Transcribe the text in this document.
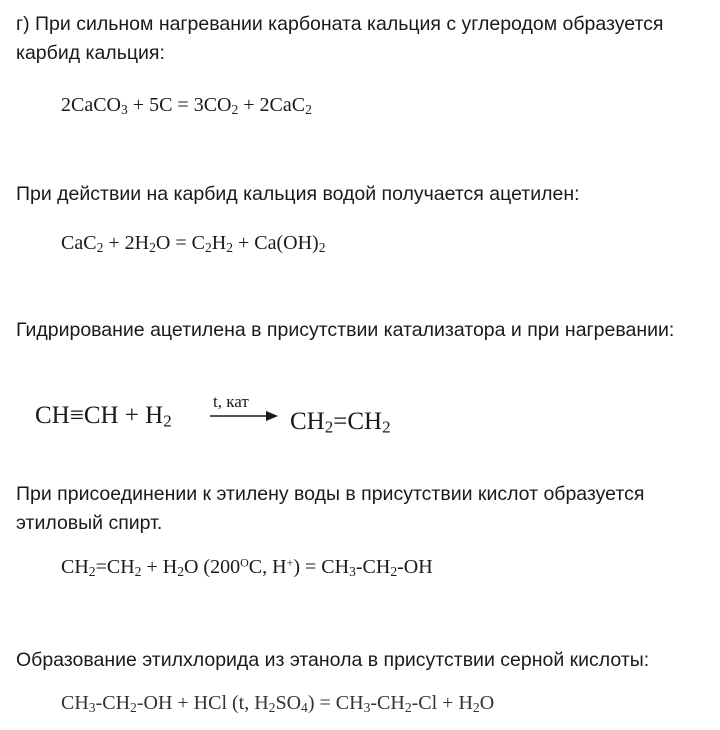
г) При сильном нагревании карбоната кальция с углеродом образуется карбид кальция:

2CaCO$_3$ + $5C = 3CO_2 + 2CaC_2$

При действии на карбид кальция водой получается ацетилен:

$CaC_2 + 2H_2O = C_2H_2 + Ca(OH)_2$

Гидрирование ацетилена в присутствии катализатора и при нагревании:

$CH\equiv CH + H_2$
t, кат
$CH_2=CH_2$

При присоединении к этилену воды в присутствии кислот образуется этиловый спирт.

$CH_2=CH_2 + H_2O$ ($200^OC$, $H^+) = CH_3-CH_2-OH$

Образование этилхлорида из этанола в присутствии серной кислоты:

$CH_3-CH_2-OH$ + HCl (t, $H_2SO_4) = CH_3-CH_2-Cl + H_2O$
